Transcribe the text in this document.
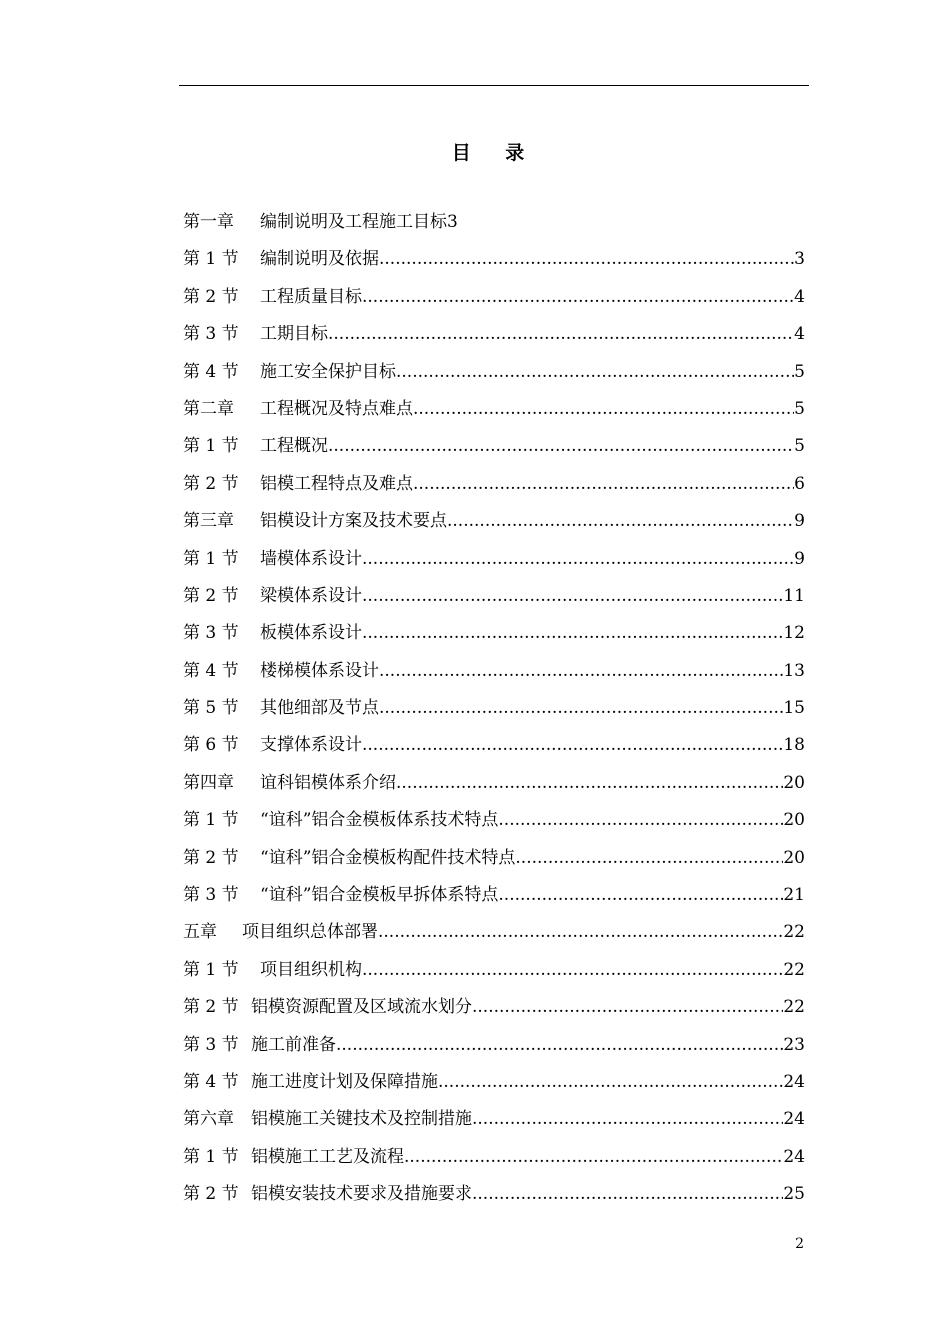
目 录
第一章	编制说明及工程施工目标 3
第 1 节	编制说明及依据 .....	3
第 2 节	工程质量目标 .....	4
第 3 节	工期目标 .....	4
第 4 节	施工安全保护目标 .....	5
第二章	工程概况及特点难点 .....	5
第 1 节	工程概况 .....	5
第 2 节	铝模工程特点及难点 .....	6
第三章	铝模设计方案及技术要点 .....	9
第 1 节	墙模体系设计 .....	9
第 2 节	梁模体系设计 .....	11
第 3 节	板模体系设计 .....	12
第 4 节	楼梯模体系设计 .....	13
第 5 节	其他细部及节点 .....	15
第 6 节	支撑体系设计 .....	18
第四章	谊科铝模体系介绍 .....	20
第 1 节	“谊科”铝合金模板体系技术特点 .....	20
第 2 节	“谊科”铝合金模板构配件技术特点 .....	20
第 3 节	“谊科”铝合金模板早拆体系特点 .....	21
五章	项目组织总体部署 .....	22
第 1 节	项目组织机构 .....	22
第 2 节 铝模资源配置及区域流水划分 .....	22
第 3 节 施工前准备 .....	23
第 4 节 施工进度计划及保障措施 .....	24
第六章	铝模施工关键技术及控制措施 .....	24
第 1 节 铝模施工工艺及流程 .....	24
第 2 节 铝模安装技术要求及措施要求 .....	25
2
